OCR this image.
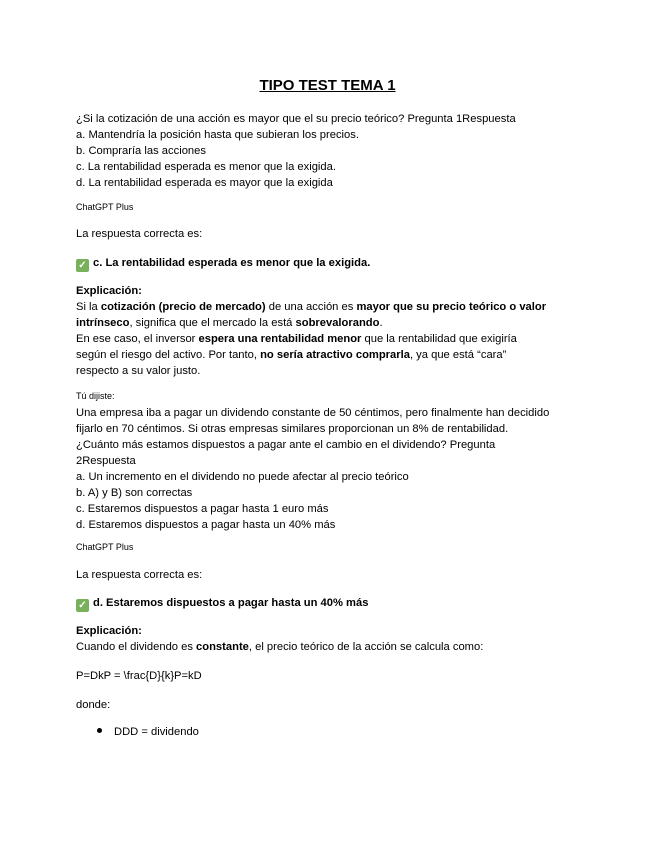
TIPO TEST TEMA 1
¿Si la cotización de una acción es mayor que el su precio teórico? Pregunta 1Respuesta
a. Mantendría la posición hasta que subieran los precios.
b. Compraría las acciones
c. La rentabilidad esperada es menor que la exigida.
d. La rentabilidad esperada es mayor que la exigida
ChatGPT Plus
La respuesta correcta es:
✓ c. La rentabilidad esperada es menor que la exigida.
Explicación:
Si la cotización (precio de mercado) de una acción es mayor que su precio teórico o valor
intrínseco, significa que el mercado la está sobrevalorando.
En ese caso, el inversor espera una rentabilidad menor que la rentabilidad que exigiría
según el riesgo del activo. Por tanto, no sería atractivo comprarla, ya que está “cara”
respecto a su valor justo.
Tú dijiste:
Una empresa iba a pagar un dividendo constante de 50 céntimos, pero finalmente han decidido
fijarlo en 70 céntimos. Si otras empresas similares proporcionan un 8% de rentabilidad.
¿Cuánto más estamos dispuestos a pagar ante el cambio en el dividendo? Pregunta
2Respuesta
a. Un incremento en el dividendo no puede afectar al precio teórico
b. A) y B) son correctas
c. Estaremos dispuestos a pagar hasta 1 euro más
d. Estaremos dispuestos a pagar hasta un 40% más
ChatGPT Plus
La respuesta correcta es:
✓ d. Estaremos dispuestos a pagar hasta un 40% más
Explicación:
Cuando el dividendo es constante, el precio teórico de la acción se calcula como:
P=DkP = \frac{D}{k}P=kD
donde:
DDD = dividendo
